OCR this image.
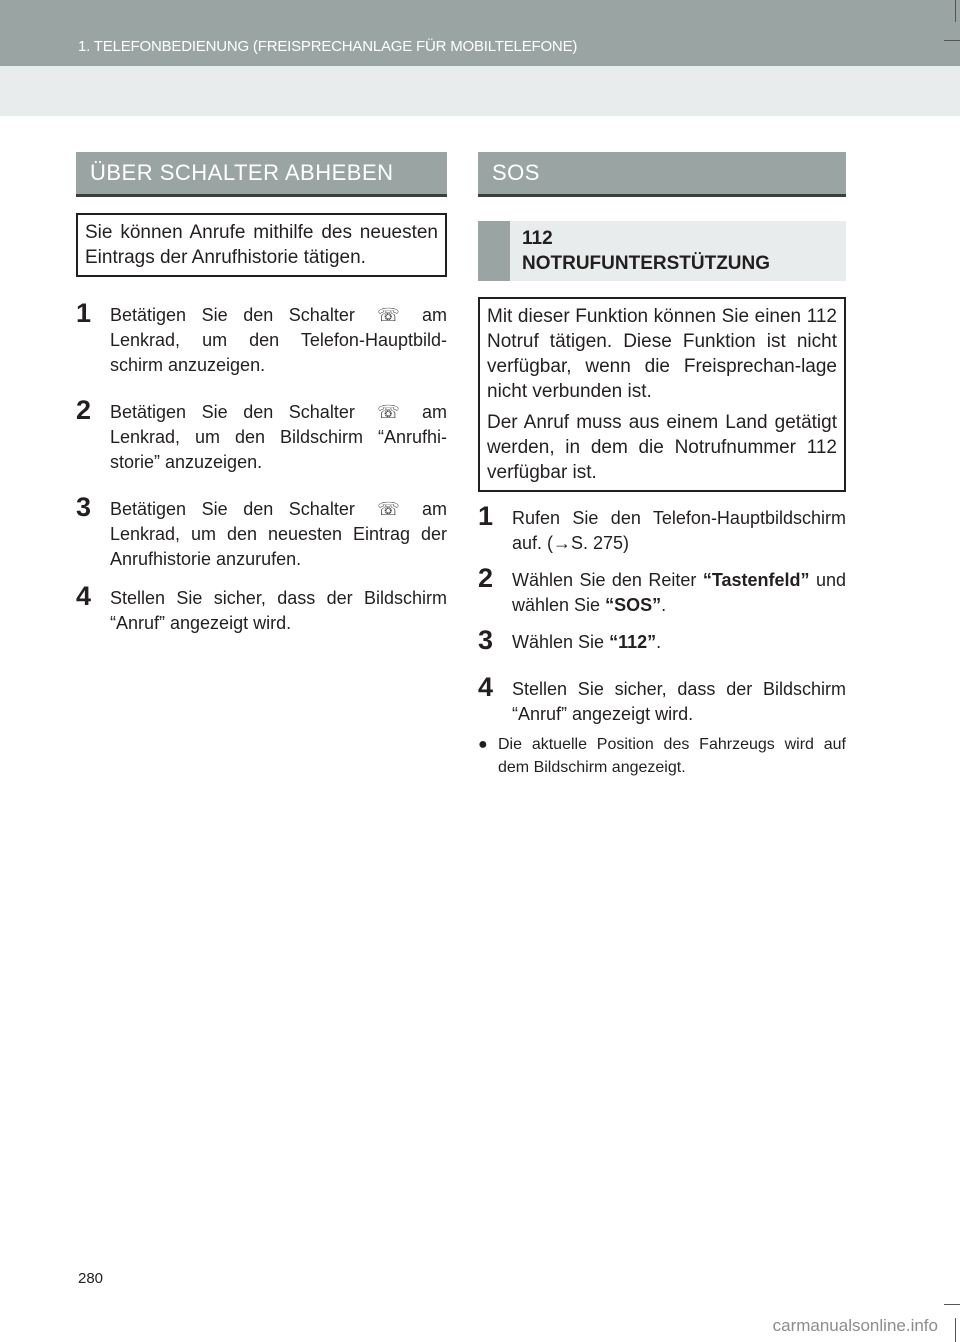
1. TELEFONBEDIENUNG (FREISPRECHANLAGE FÜR MOBILTELEFONE)
ÜBER SCHALTER ABHEBEN

Sie können Anrufe mithilfe des neuesten Eintrags der Anrufhistorie tätigen.

1 Betätigen Sie den Schalter ☏ am Lenkrad, um den Telefon-Hauptbild-schirm anzuzeigen.
2 Betätigen Sie den Schalter ☏ am Lenkrad, um den Bildschirm “Anrufhi-storie” anzuzeigen.
3 Betätigen Sie den Schalter ☏ am Lenkrad, um den neuesten Eintrag der Anrufhistorie anzurufen.
4 Stellen Sie sicher, dass der Bildschirm “Anruf” angezeigt wird.
SOS
112
NOTRUFUNTERSTÜTZUNG

Mit dieser Funktion können Sie einen 112 Notruf tätigen. Diese Funktion ist nicht verfügbar, wenn die Freisprechan-lage nicht verbunden ist.

Der Anruf muss aus einem Land getätigt werden, in dem die Notrufnummer 112 verfügbar ist.

1 Rufen Sie den Telefon-Hauptbildschirm auf. (→S. 275)
2 Wählen Sie den Reiter “Tastenfeld” und wählen Sie “SOS”.
3 Wählen Sie “112”.
4 Stellen Sie sicher, dass der Bildschirm “Anruf” angezeigt wird.
● Die aktuelle Position des Fahrzeugs wird auf dem Bildschirm angezeigt.
280
carmanualsonline.info
